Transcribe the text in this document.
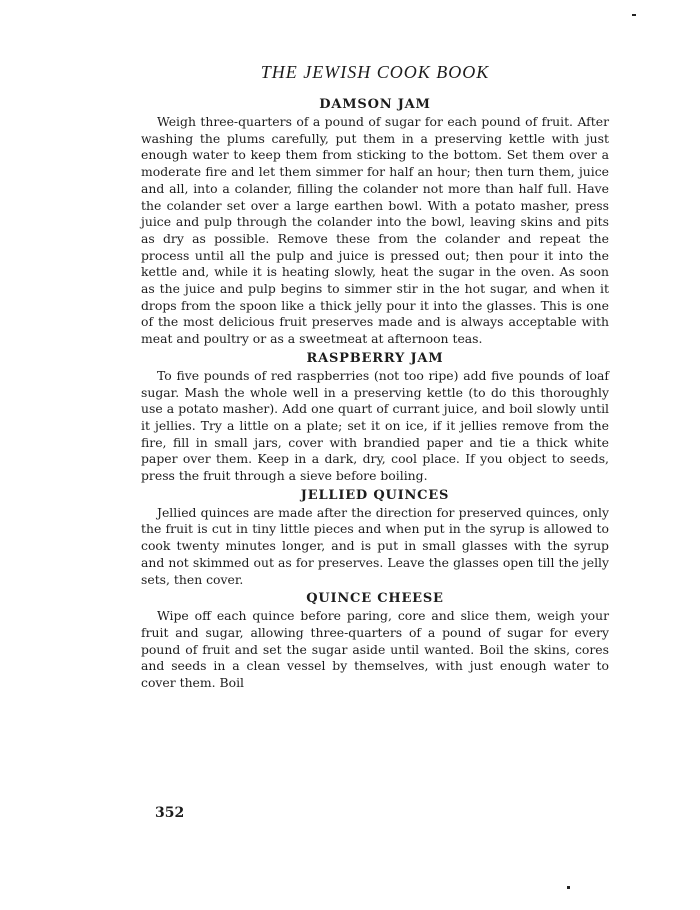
THE JEWISH COOK BOOK
DAMSON JAM

Weigh three-quarters of a pound of sugar for each pound of fruit. After washing the plums carefully, put them in a preserving kettle with just enough water to keep them from sticking to the bottom. Set them over a moderate fire and let them simmer for half an hour; then turn them, juice and all, into a colander, filling the colander not more than half full. Have the colander set over a large earthen bowl. With a potato masher, press juice and pulp through the colander into the bowl, leaving skins and pits as dry as possible. Remove these from the colander and repeat the process until all the pulp and juice is pressed out; then pour it into the kettle and, while it is heating slowly, heat the sugar in the oven. As soon as the juice and pulp begins to simmer stir in the hot sugar, and when it drops from the spoon like a thick jelly pour it into the glasses. This is one of the most delicious fruit preserves made and is always acceptable with meat and poultry or as a sweetmeat at afternoon teas.

RASPBERRY JAM

To five pounds of red raspberries (not too ripe) add five pounds of loaf sugar. Mash the whole well in a preserving kettle (to do this thoroughly use a potato masher). Add one quart of currant juice, and boil slowly until it jellies. Try a little on a plate; set it on ice, if it jellies remove from the fire, fill in small jars, cover with brandied paper and tie a thick white paper over them. Keep in a dark, dry, cool place. If you object to seeds, press the fruit through a sieve before boiling.

JELLIED QUINCES

Jellied quinces are made after the direction for preserved quinces, only the fruit is cut in tiny little pieces and when put in the syrup is allowed to cook twenty minutes longer, and is put in small glasses with the syrup and not skimmed out as for preserves. Leave the glasses open till the jelly sets, then cover.

QUINCE CHEESE

Wipe off each quince before paring, core and slice them, weigh your fruit and sugar, allowing three-quarters of a pound of sugar for every pound of fruit and set the sugar aside until wanted. Boil the skins, cores and seeds in a clean vessel by themselves, with just enough water to cover them. Boil

352
